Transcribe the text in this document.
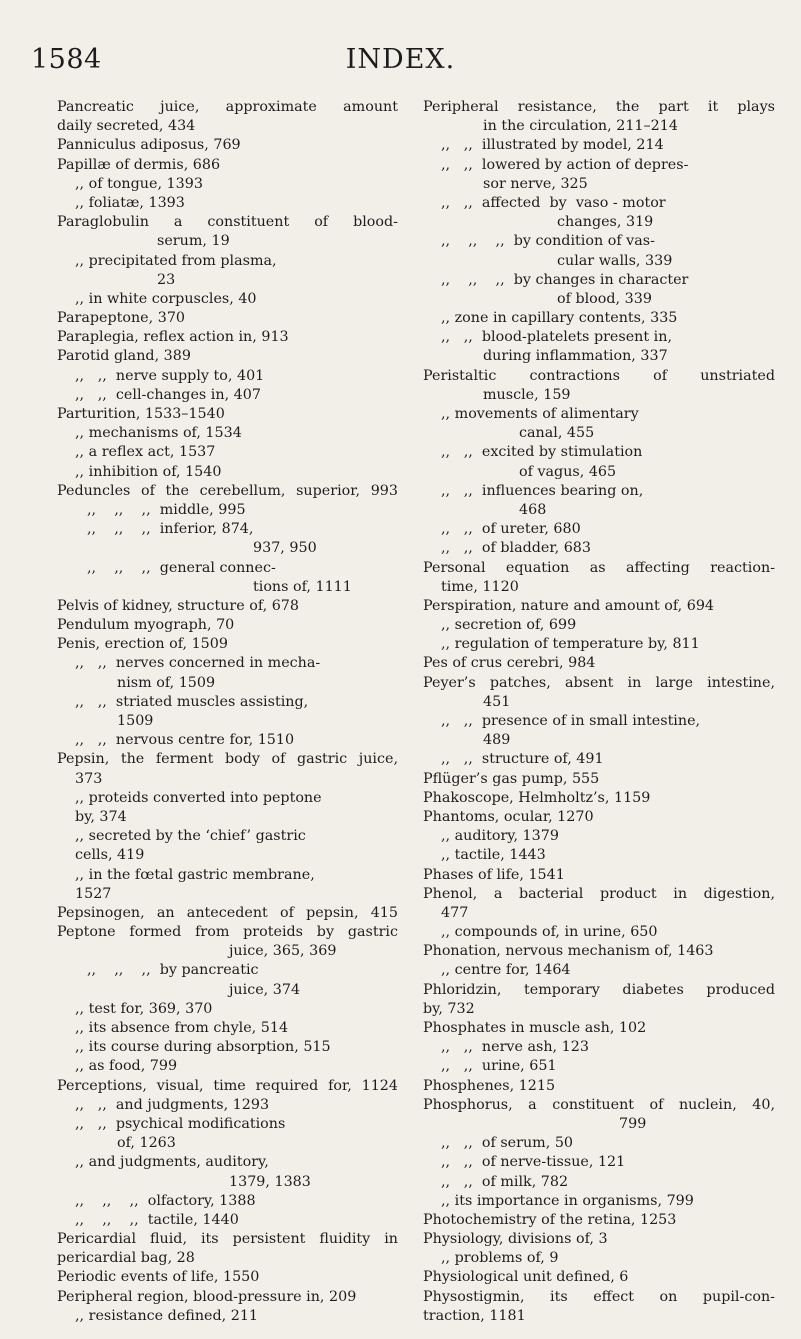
1584	INDEX.
Pancreatic juice, approximate amount
daily secreted, 434
Panniculus adiposus, 769
Papillæ of dermis, 686
,, of tongue, 1393
,, foliatæ, 1393
Paraglobulin a constituent of blood-
serum, 19
,, precipitated from plasma,
23
,, in white corpuscles, 40
Parapeptone, 370
Paraplegia, reflex action in, 913
Parotid gland, 389
,,   ,,  nerve supply to, 401
,,   ,,  cell-changes in, 407
Parturition, 1533–1540
,, mechanisms of, 1534
,, a reflex act, 1537
,, inhibition of, 1540
Peduncles of the cerebellum, superior, 993
,,    ,,    ,,  middle, 995
,,    ,,    ,,  inferior, 874,
937, 950
,,    ,,    ,,  general connec-
tions of, 1111
Pelvis of kidney, structure of, 678
Pendulum myograph, 70
Penis, erection of, 1509
,,   ,,  nerves concerned in mecha-
nism of, 1509
,,   ,,  striated muscles assisting,
1509
,,   ,,  nervous centre for, 1510
Pepsin, the ferment body of gastric juice,
373
,, proteids converted into peptone
by, 374
,, secreted by the ‘chief’ gastric
cells, 419
,, in the fœtal gastric membrane,
1527
Pepsinogen, an antecedent of pepsin, 415
Peptone formed from proteids by gastric
juice, 365, 369
,,    ,,    ,,  by pancreatic
juice, 374
,, test for, 369, 370
,, its absence from chyle, 514
,, its course during absorption, 515
,, as food, 799
Perceptions, visual, time required for, 1124
,,   ,,  and judgments, 1293
,,   ,,  psychical modifications
of, 1263
,, and judgments, auditory,
1379, 1383
,,    ,,    ,,  olfactory, 1388
,,    ,,    ,,  tactile, 1440
Pericardial fluid, its persistent fluidity in
pericardial bag, 28
Periodic events of life, 1550
Peripheral region, blood-pressure in, 209
,, resistance defined, 211
Peripheral resistance, the part it plays
in the circulation, 211–214
,,   ,,  illustrated by model, 214
,,   ,,  lowered by action of depres-
sor nerve, 325
,,   ,,  affected  by  vaso - motor
changes, 319
,,    ,,    ,,  by condition of vas-
cular walls, 339
,,    ,,    ,,  by changes in character
of blood, 339
,, zone in capillary contents, 335
,,   ,,  blood-platelets present in,
during inflammation, 337
Peristaltic contractions of unstriated
muscle, 159
,, movements of alimentary
canal, 455
,,   ,,  excited by stimulation
of vagus, 465
,,   ,,  influences bearing on,
468
,,   ,,  of ureter, 680
,,   ,,  of bladder, 683
Personal equation as affecting reaction-
time, 1120
Perspiration, nature and amount of, 694
,, secretion of, 699
,, regulation of temperature by, 811
Pes of crus cerebri, 984
Peyer’s patches, absent in large intestine,
451
,,   ,,  presence of in small intestine,
489
,,   ,,  structure of, 491
Pflüger’s gas pump, 555
Phakoscope, Helmholtz’s, 1159
Phantoms, ocular, 1270
,, auditory, 1379
,, tactile, 1443
Phases of life, 1541
Phenol, a bacterial product in digestion,
477
,, compounds of, in urine, 650
Phonation, nervous mechanism of, 1463
,, centre for, 1464
Phloridzin, temporary diabetes produced
by, 732
Phosphates in muscle ash, 102
,,   ,,  nerve ash, 123
,,   ,,  urine, 651
Phosphenes, 1215
Phosphorus, a constituent of nuclein, 40,
799
,,   ,,  of serum, 50
,,   ,,  of nerve-tissue, 121
,,   ,,  of milk, 782
,, its importance in organisms, 799
Photochemistry of the retina, 1253
Physiology, divisions of, 3
,, problems of, 9
Physiological unit defined, 6
Physostigmin, its effect on pupil-con-
traction, 1181
